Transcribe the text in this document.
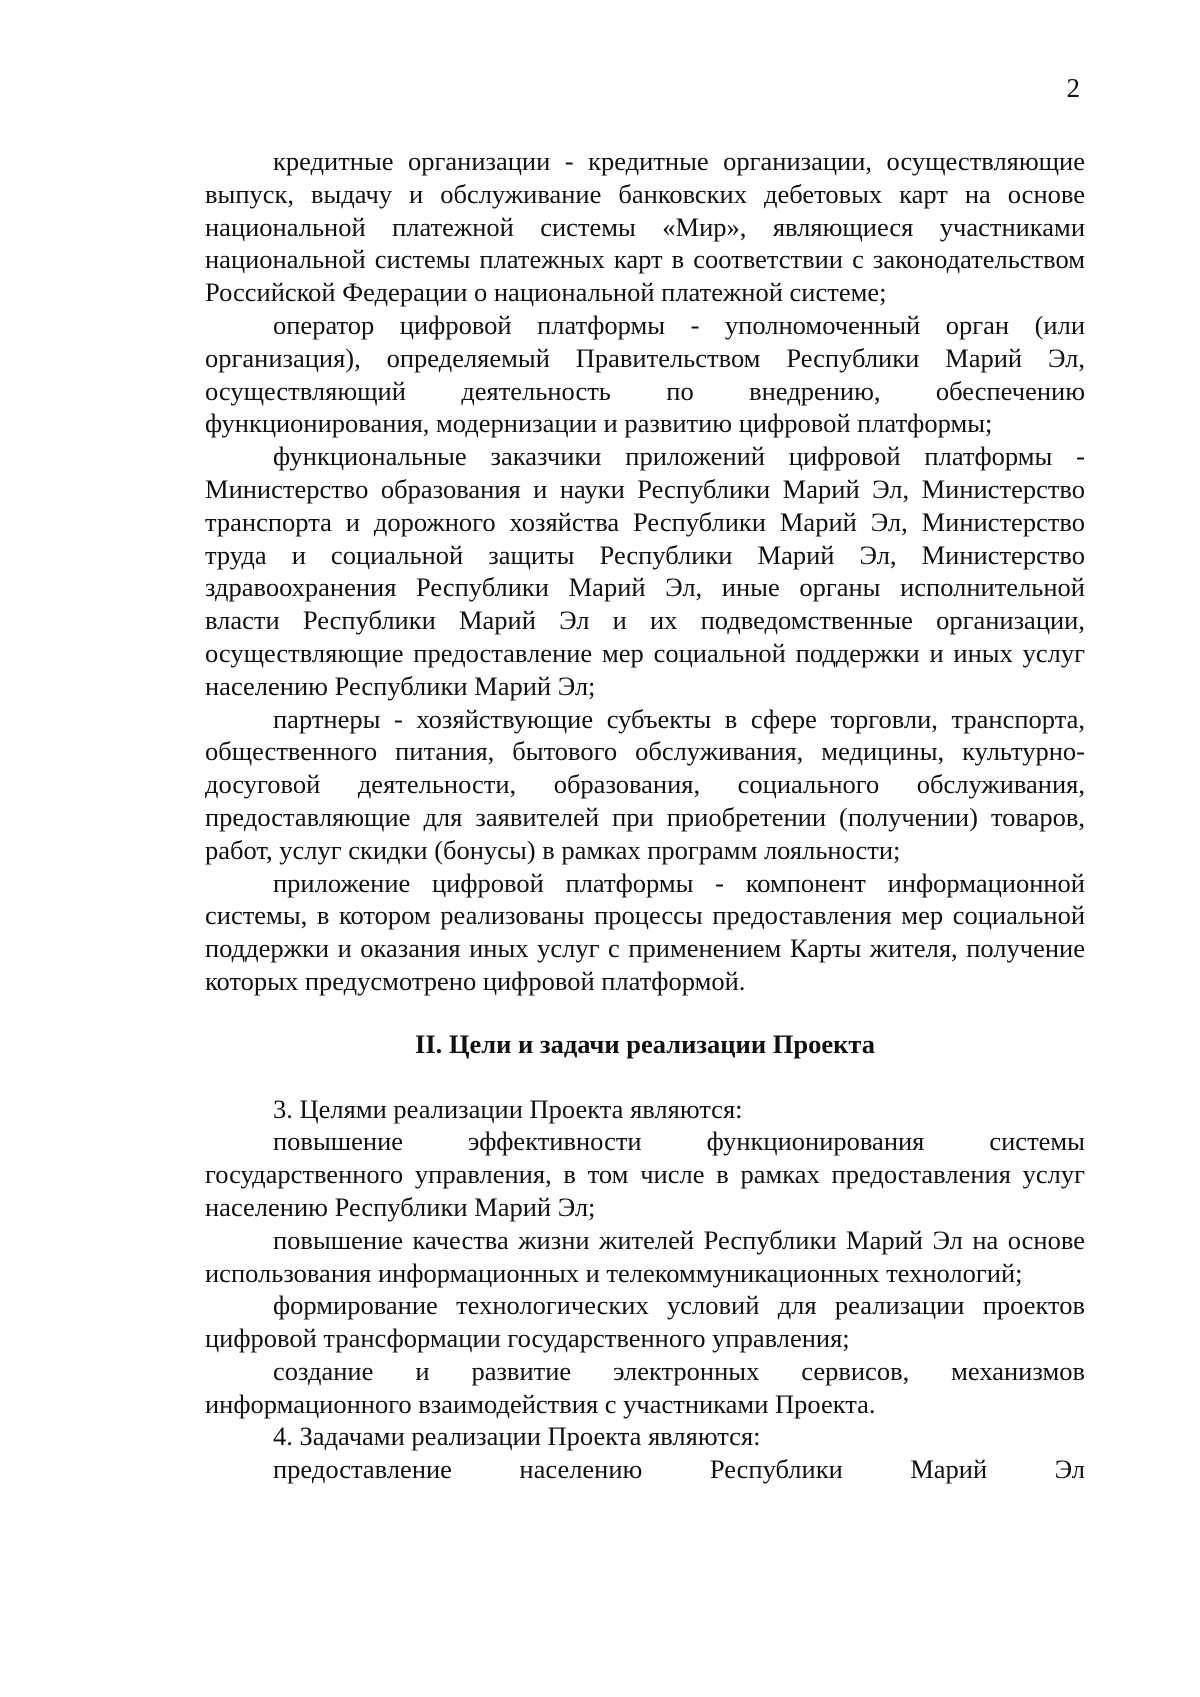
2

кредитные организации - кредитные организации, осуществляющие выпуск, выдачу и обслуживание банковских дебетовых карт на основе национальной платежной системы «Мир», являющиеся участниками национальной системы платежных карт в соответствии с законодательством Российской Федерации о национальной платежной системе;

оператор цифровой платформы - уполномоченный орган (или организация), определяемый Правительством Республики Марий Эл, осуществляющий деятельность по внедрению, обеспечению функционирования, модернизации и развитию цифровой платформы;

функциональные заказчики приложений цифровой платформы - Министерство образования и науки Республики Марий Эл, Министерство транспорта и дорожного хозяйства Республики Марий Эл, Министерство труда и социальной защиты Республики Марий Эл, Министерство здравоохранения Республики Марий Эл, иные органы исполнительной власти Республики Марий Эл и их подведомственные организации, осуществляющие предоставление мер социальной поддержки и иных услуг населению Республики Марий Эл;

партнеры - хозяйствующие субъекты в сфере торговли, транспорта, общественного питания, бытового обслуживания, медицины, культурно-досуговой деятельности, образования, социального обслуживания, предоставляющие для заявителей при приобретении (получении) товаров, работ, услуг скидки (бонусы) в рамках программ лояльности;

приложение цифровой платформы - компонент информационной системы, в котором реализованы процессы предоставления мер социальной поддержки и оказания иных услуг с применением Карты жителя, получение которых предусмотрено цифровой платформой.

II. Цели и задачи реализации Проекта

3. Целями реализации Проекта являются:

повышение эффективности функционирования системы государственного управления, в том числе в рамках предоставления услуг населению Республики Марий Эл;

повышение качества жизни жителей Республики Марий Эл на основе использования информационных и телекоммуникационных технологий;

формирование технологических условий для реализации проектов цифровой трансформации государственного управления;

создание и развитие электронных сервисов, механизмов информационного взаимодействия с участниками Проекта.

4. Задачами реализации Проекта являются:

предоставление населению Республики Марий Эл
